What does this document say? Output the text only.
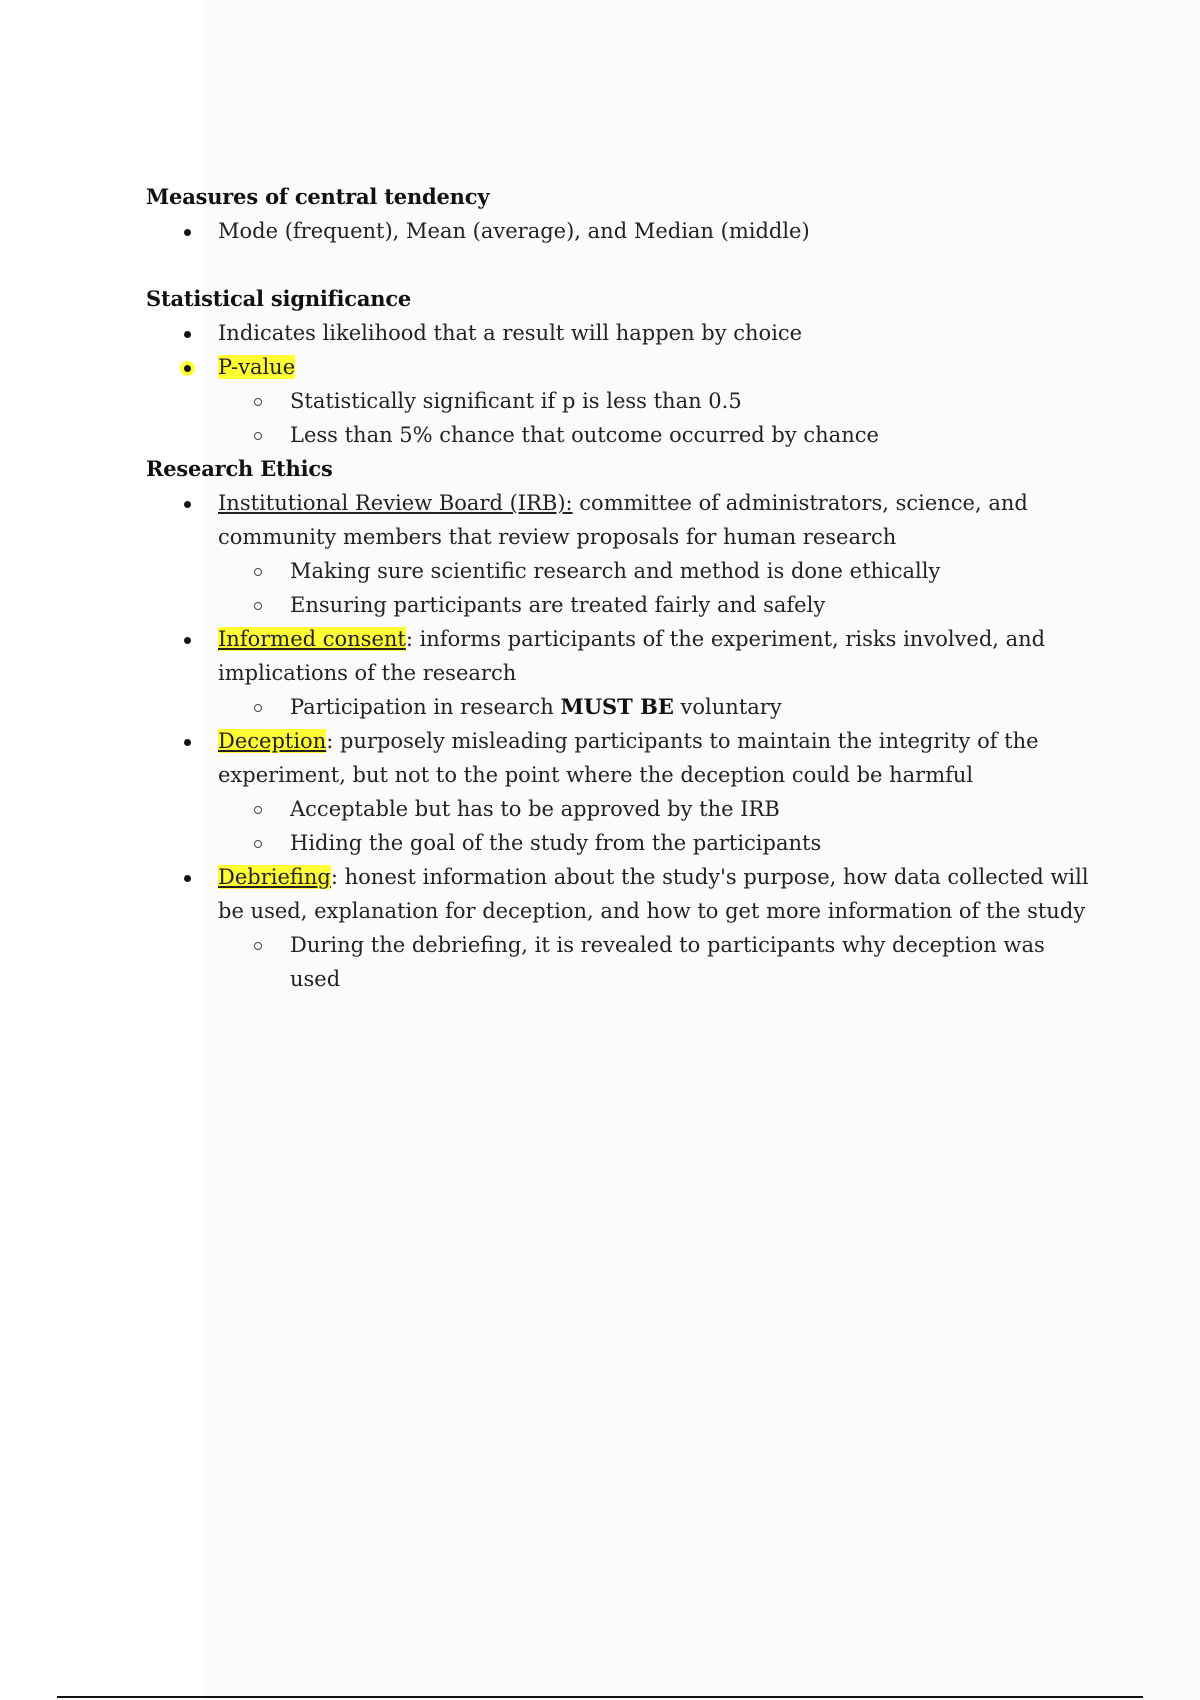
Measures of central tendency
Mode (frequent), Mean (average), and Median (middle)
Statistical significance
Indicates likelihood that a result will happen by choice
P-value
Statistically significant if p is less than 0.5
Less than 5% chance that outcome occurred by chance
Research Ethics
Institutional Review Board (IRB): committee of administrators, science, and community members that review proposals for human research
Making sure scientific research and method is done ethically
Ensuring participants are treated fairly and safely
Informed consent: informs participants of the experiment, risks involved, and implications of the research
Participation in research MUST BE voluntary
Deception: purposely misleading participants to maintain the integrity of the experiment, but not to the point where the deception could be harmful
Acceptable but has to be approved by the IRB
Hiding the goal of the study from the participants
Debriefing: honest information about the study's purpose, how data collected will be used, explanation for deception, and how to get more information of the study
During the debriefing, it is revealed to participants why deception was used
